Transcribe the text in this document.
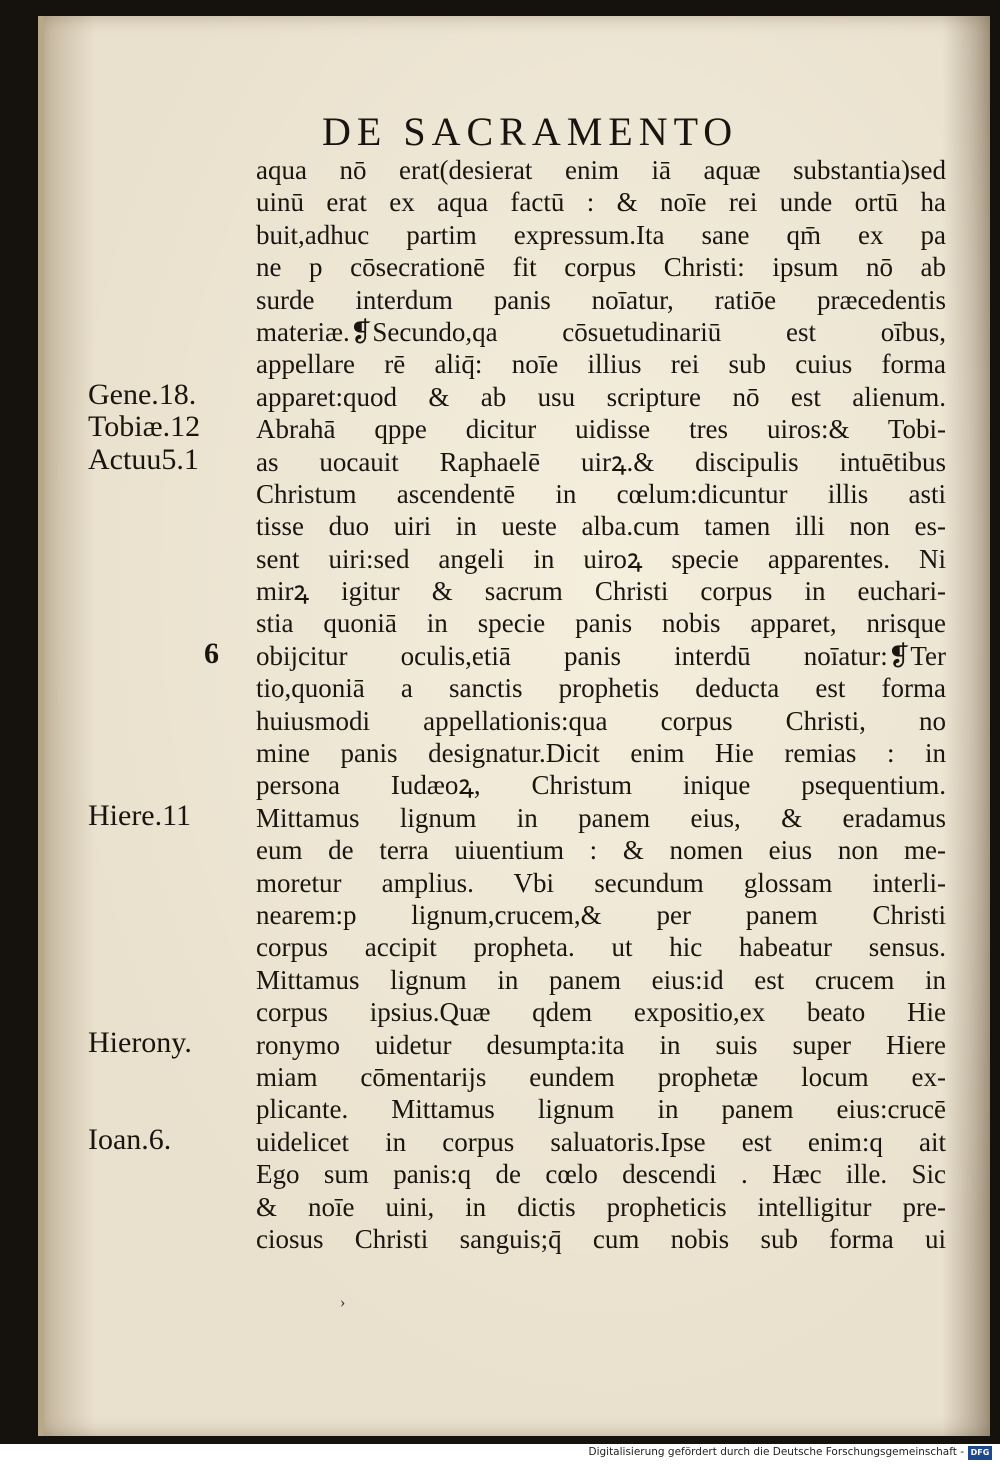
DE SACRAMENTO
aqua nō erat(desierat enim iā aquæ substantia)sed
uinū erat ex aqua factū : & noīe rei unde ortū ha
buit,adhuc partim expressum.Ita sane qm̄ ex pa
ne p cōsecrationē fit corpus Christi: ipsum nō ab
surde interdum panis noīatur, ratiōe præcedentis
materiæ.❡Secundo,qa cōsuetudinariū est oībus,
appellare rē aliq̄: noīe illius rei sub cuius forma
apparet:quod & ab usu scripture nō est alienum.
Abrahā qppe dicitur uidisse tres uiros:& Tobi-
as uocauit Raphaelē uirꝝ.& discipulis intuētibus
Christum ascendentē in cœlum:dicuntur illis asti
tisse duo uiri in ueste alba.cum tamen illi non es-
sent uiri:sed angeli in uiroꝝ specie apparentes. Ni
mirꝝ igitur & sacrum Christi corpus in euchari-
stia quoniā in specie panis nobis apparet, nrisque
obijcitur oculis,etiā panis interdū noīatur:❡Ter
tio,quoniā a sanctis prophetis deducta est forma
huiusmodi appellationis:qua corpus Christi, no
mine panis designatur.Dicit enim Hie remias : in
persona Iudæoꝝ, Christum inique psequentium.
Mittamus lignum in panem eius, & eradamus
eum de terra uiuentium : & nomen eius non me-
moretur amplius. Vbi secundum glossam interli-
nearem:p lignum,crucem,& per panem Christi
corpus accipit propheta. ut hic habeatur sensus.
Mittamus lignum in panem eius:id est crucem in
corpus ipsius.Quæ qdem expositio,ex beato Hie
ronymo uidetur desumpta:ita in suis super Hiere
miam cōmentarijs eundem prophetæ locum ex-
plicante. Mittamus lignum in panem eius:crucē
uidelicet in corpus saluatoris.Ipse est enim:q ait
Ego sum panis:q de cœlo descendi . Hæc ille. Sic
& noīe uini, in dictis propheticis intelligitur pre-
ciosus Christi sanguis;q̄ cum nobis sub forma ui
Gene.18.
Tobiæ.12
Actuu5.1
Hiere.11
Hierony.
Ioan.6.
6
›
Digitalisierung gefördert durch die Deutsche Forschungsgemeinschaft - DFG
